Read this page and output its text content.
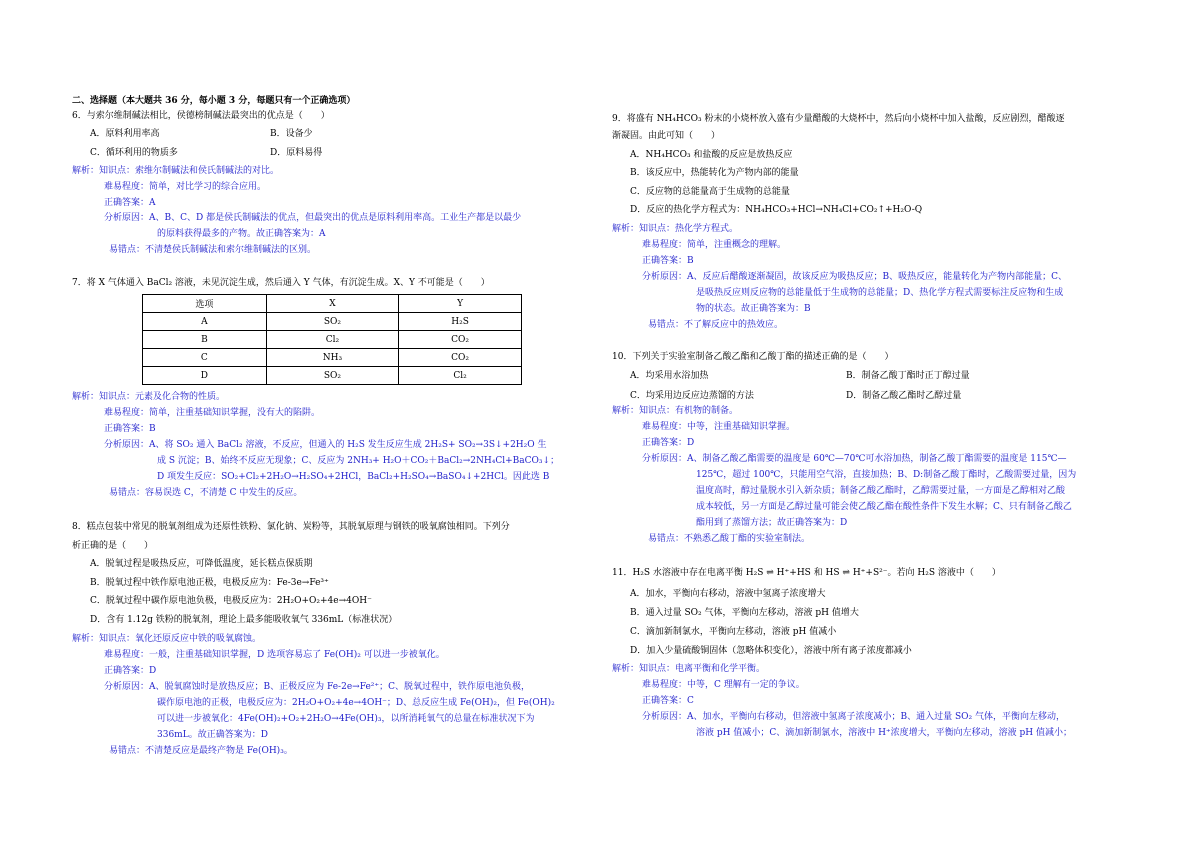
二、选择题（本大题共 36 分，每小题 3 分，每题只有一个正确选项）
6．与索尔维制碱法相比，侯德榜制碱法最突出的优点是（　　）
A．原料利用率高	B．设备少
C．循环利用的物质多	D．原料易得
解析：知识点：索维尔制碱法和侯氏制碱法的对比。
难易程度：简单，对比学习的综合应用。
正确答案：A
分析原因：A、B、C、D 都是侯氏制碱法的优点，但最突出的优点是原料利用率高。工业生产都是以最少
的原料获得最多的产物。故正确答案为：A
易错点：不清楚侯氏制碱法和索尔维制碱法的区别。
7．将 X 气体通入 BaCl₂ 溶液，未见沉淀生成，然后通入 Y 气体，有沉淀生成。X、Y 不可能是（　　）
选项	X	Y
A	SO₂	H₂S
B	Cl₂	CO₂
C	NH₃	CO₂
D	SO₂	Cl₂
解析：知识点：元素及化合物的性质。
难易程度：简单，注重基础知识掌握，没有大的陷阱。
正确答案：B
分析原因：A、将 SO₂ 通入 BaCl₂ 溶液，不反应，但通入的 H₂S 发生反应生成 2H₂S+ SO₂→3S↓+2H₂O 生
成 S 沉淀；B、始终不反应无现象；C、反应为 2NH₃+ H₂O＋CO₂＋BaCl₂→2NH₄Cl+BaCO₃↓；
D 项发生反应：SO₂+Cl₂+2H₂O→H₂SO₄+2HCl，BaCl₂+H₂SO₄→BaSO₄↓+2HCl。因此选 B
易错点：容易误选 C，不清楚 C 中发生的反应。
8．糕点包装中常见的脱氧剂组成为还原性铁粉、氯化钠、炭粉等，其脱氧原理与钢铁的吸氧腐蚀相同。下列分
析正确的是（　　）
A．脱氧过程是吸热反应，可降低温度，延长糕点保质期
B．脱氧过程中铁作原电池正极，电极反应为：Fe-3e→Fe³⁺
C．脱氧过程中碳作原电池负极，电极反应为：2H₂O+O₂+4e→4OH⁻
D．含有 1.12g 铁粉的脱氧剂，理论上最多能吸收氧气 336mL（标准状况）
解析：知识点：氧化还原反应中铁的吸氧腐蚀。
难易程度：一般，注重基础知识掌握，D 选项容易忘了 Fe(OH)₂ 可以进一步被氧化。
正确答案：D
分析原因：A、脱氧腐蚀时是放热反应；B、正极反应为 Fe-2e→Fe²⁺；C、脱氧过程中，铁作原电池负极，
碳作原电池的正极，电极反应为：2H₂O+O₂+4e→4OH⁻；D、总反应生成 Fe(OH)₂，但 Fe(OH)₂
可以进一步被氧化：4Fe(OH)₂+O₂+2H₂O→4Fe(OH)₃，以所消耗氧气的总量在标准状况下为
336mL。故正确答案为：D
易错点：不清楚反应是最终产物是 Fe(OH)₃。
9．将盛有 NH₄HCO₃ 粉末的小烧杯放入盛有少量醋酸的大烧杯中，然后向小烧杯中加入盐酸，反应剧烈，醋酸逐
渐凝固。由此可知（　　）
A．NH₄HCO₃ 和盐酸的反应是放热反应
B．该反应中，热能转化为产物内部的能量
C．反应物的总能量高于生成物的总能量
D．反应的热化学方程式为：NH₄HCO₃+HCl→NH₄Cl+CO₂↑+H₂O-Q
解析：知识点：热化学方程式。
难易程度：简单，注重概念的理解。
正确答案：B
分析原因：A、反应后醋酸逐渐凝固，故该反应为吸热反应；B、吸热反应，能量转化为产物内部能量；C、
是吸热反应则反应物的总能量低于生成物的总能量；D、热化学方程式需要标注反应物和生成
物的状态。故正确答案为：B
易错点：不了解反应中的热效应。
10．下列关于实验室制备乙酸乙酯和乙酸丁酯的描述正确的是（　　）
A．均采用水浴加热	B．制备乙酸丁酯时正丁醇过量
C．均采用边反应边蒸馏的方法	D．制备乙酸乙酯时乙醇过量
解析：知识点：有机物的制备。
难易程度：中等，注重基础知识掌握。
正确答案：D
分析原因：A、制备乙酸乙酯需要的温度是 60℃—70℃可水浴加热，制备乙酸丁酯需要的温度是 115℃—
125℃，超过 100℃，只能用空气浴，直接加热；B、D:制备乙酸丁酯时，乙酸需要过量，因为
温度高时，醇过量脱水引入新杂质；制备乙酸乙酯时，乙醇需要过量，一方面是乙醇相对乙酸
成本较低，另一方面是乙醇过量可能会使乙酸乙酯在酸性条件下发生水解；C、只有制备乙酸乙
酯用到了蒸馏方法；故正确答案为：D
易错点：不熟悉乙酸丁酯的实验室制法。
11．H₂S 水溶液中存在电离平衡 H₂S ⇌ H⁺+HS 和 HS ⇌ H⁺+S²⁻。若向 H₂S 溶液中（　　）
A．加水，平衡向右移动，溶液中氢离子浓度增大
B．通入过量 SO₂ 气体，平衡向左移动，溶液 pH 值增大
C．滴加新制氯水，平衡向左移动，溶液 pH 值减小
D．加入少量硫酸铜固体（忽略体积变化），溶液中所有离子浓度都减小
解析：知识点：电离平衡和化学平衡。
难易程度：中等，C 理解有一定的争议。
正确答案：C
分析原因：A、加水，平衡向右移动，但溶液中氢离子浓度减小；B、通入过量 SO₂ 气体，平衡向左移动，
溶液 pH 值减小；C、滴加新制氯水，溶液中 H⁺浓度增大，平衡向左移动，溶液 pH 值减小；
